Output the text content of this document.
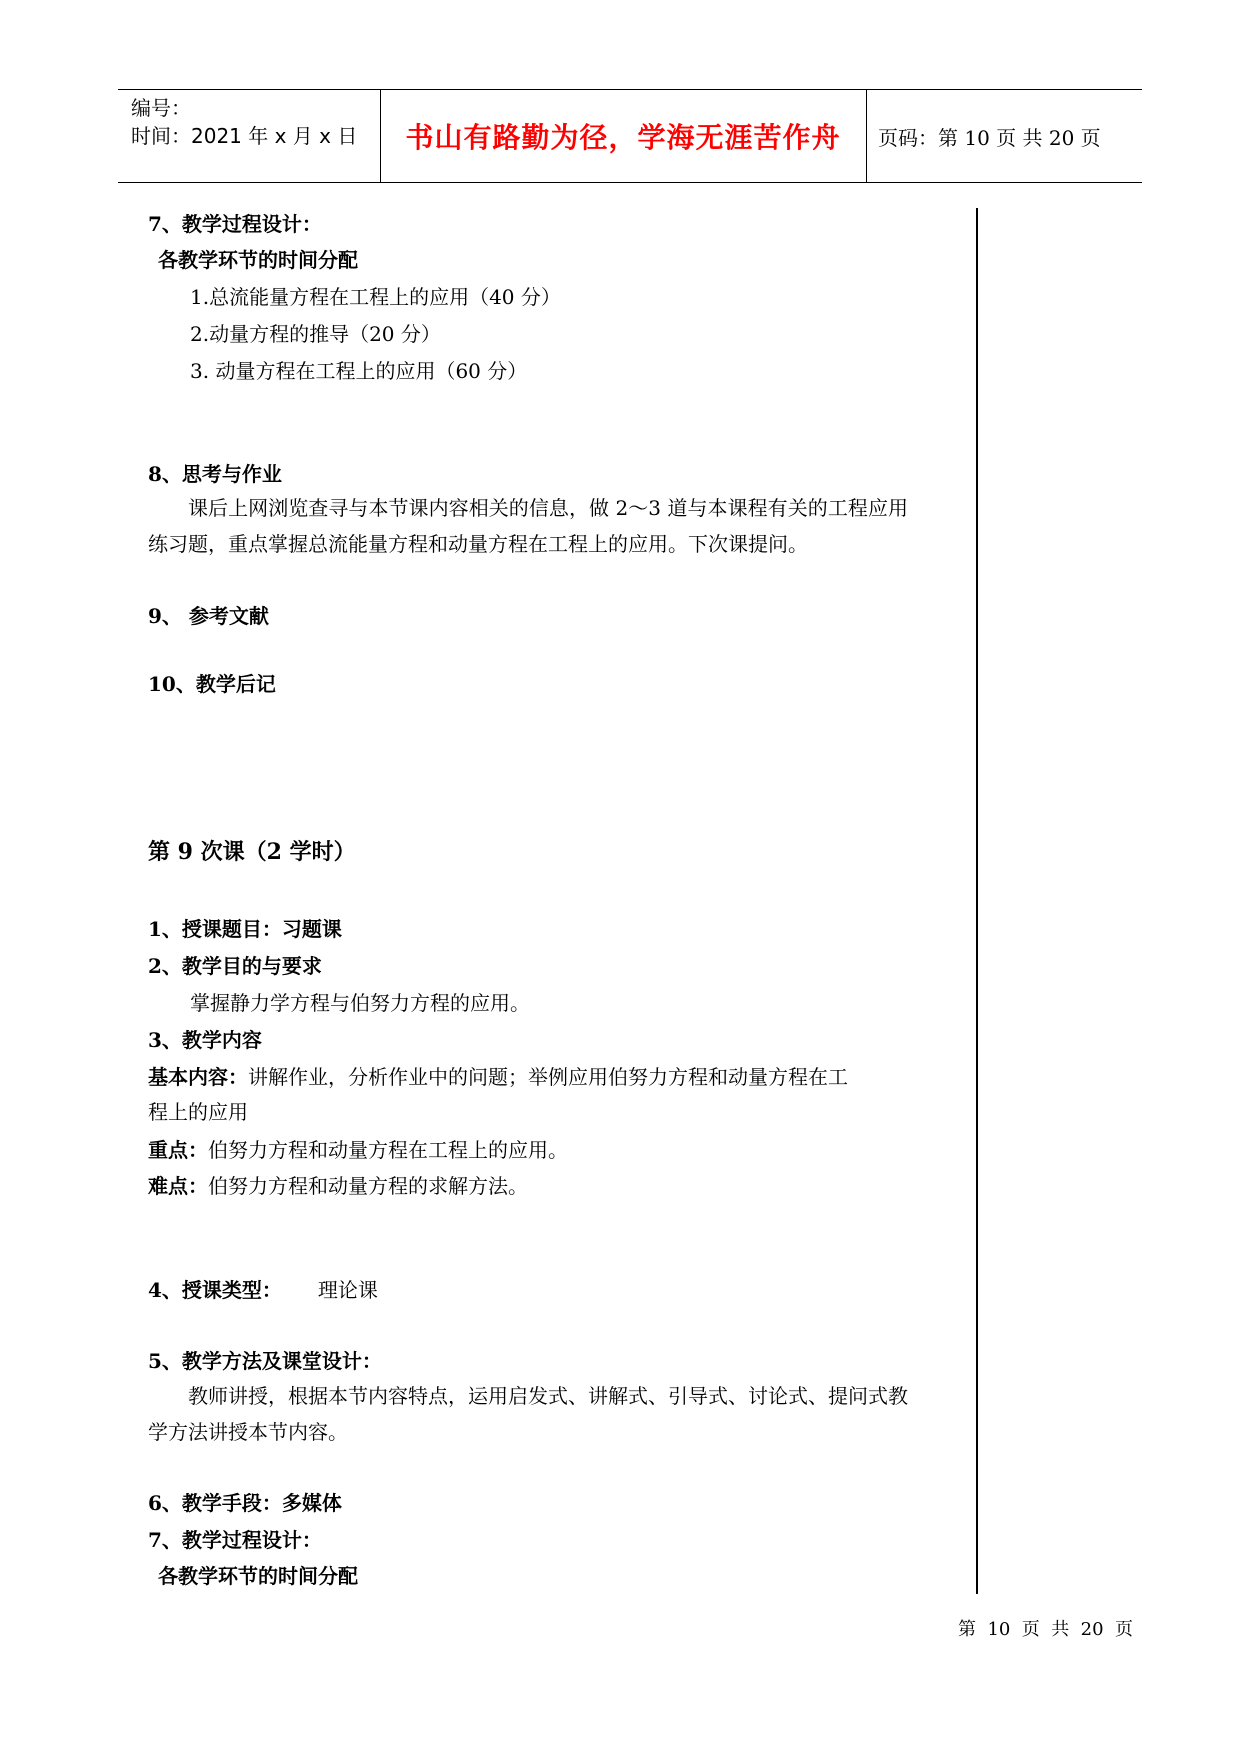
编号：
时间：2021 年 x 月 x 日	书山有路勤为径，学海无涯苦作舟	页码：第 10 页 共 20 页
7、教学过程设计：
各教学环节的时间分配
1.总流能量方程在工程上的应用（40 分）
2.动量方程的推导（20 分）
3. 动量方程在工程上的应用（60 分）
8、思考与作业
课后上网浏览查寻与本节课内容相关的信息，做 2～3 道与本课程有关的工程应用练习题，重点掌握总流能量方程和动量方程在工程上的应用。下次课提问。
9、 参考文献
10、教学后记
第 9 次课（2 学时）
1、授课题目：习题课
2、教学目的与要求
掌握静力学方程与伯努力方程的应用。
3、教学内容
基本内容：讲解作业，分析作业中的问题；举例应用伯努力方程和动量方程在工
程上的应用
重点：伯努力方程和动量方程在工程上的应用。
难点：伯努力方程和动量方程的求解方法。
4、授课类型： 理论课
5、教学方法及课堂设计：
教师讲授，根据本节内容特点，运用启发式、讲解式、引导式、讨论式、提问式教学方法讲授本节内容。
6、教学手段：多媒体
7、教学过程设计：
各教学环节的时间分配
第  10  页  共  20  页
